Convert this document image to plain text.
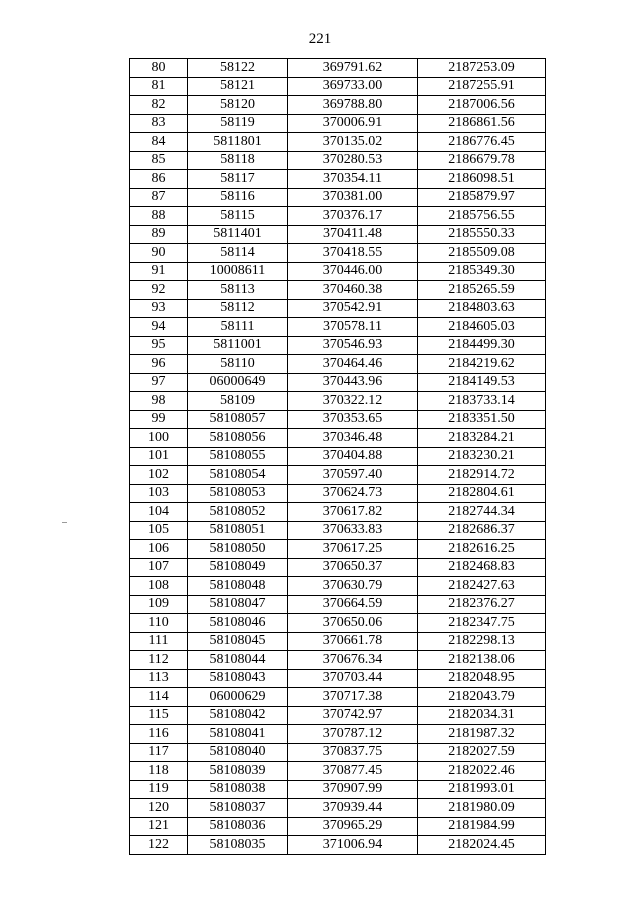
221
80	58122	369791.62	2187253.09
81	58121	369733.00	2187255.91
82	58120	369788.80	2187006.56
83	58119	370006.91	2186861.56
84	5811801	370135.02	2186776.45
85	58118	370280.53	2186679.78
86	58117	370354.11	2186098.51
87	58116	370381.00	2185879.97
88	58115	370376.17	2185756.55
89	5811401	370411.48	2185550.33
90	58114	370418.55	2185509.08
91	10008611	370446.00	2185349.30
92	58113	370460.38	2185265.59
93	58112	370542.91	2184803.63
94	58111	370578.11	2184605.03
95	5811001	370546.93	2184499.30
96	58110	370464.46	2184219.62
97	06000649	370443.96	2184149.53
98	58109	370322.12	2183733.14
99	58108057	370353.65	2183351.50
100	58108056	370346.48	2183284.21
101	58108055	370404.88	2183230.21
102	58108054	370597.40	2182914.72
103	58108053	370624.73	2182804.61
104	58108052	370617.82	2182744.34
105	58108051	370633.83	2182686.37
106	58108050	370617.25	2182616.25
107	58108049	370650.37	2182468.83
108	58108048	370630.79	2182427.63
109	58108047	370664.59	2182376.27
110	58108046	370650.06	2182347.75
111	58108045	370661.78	2182298.13
112	58108044	370676.34	2182138.06
113	58108043	370703.44	2182048.95
114	06000629	370717.38	2182043.79
115	58108042	370742.97	2182034.31
116	58108041	370787.12	2181987.32
117	58108040	370837.75	2182027.59
118	58108039	370877.45	2182022.46
119	58108038	370907.99	2181993.01
120	58108037	370939.44	2181980.09
121	58108036	370965.29	2181984.99
122	58108035	371006.94	2182024.45
